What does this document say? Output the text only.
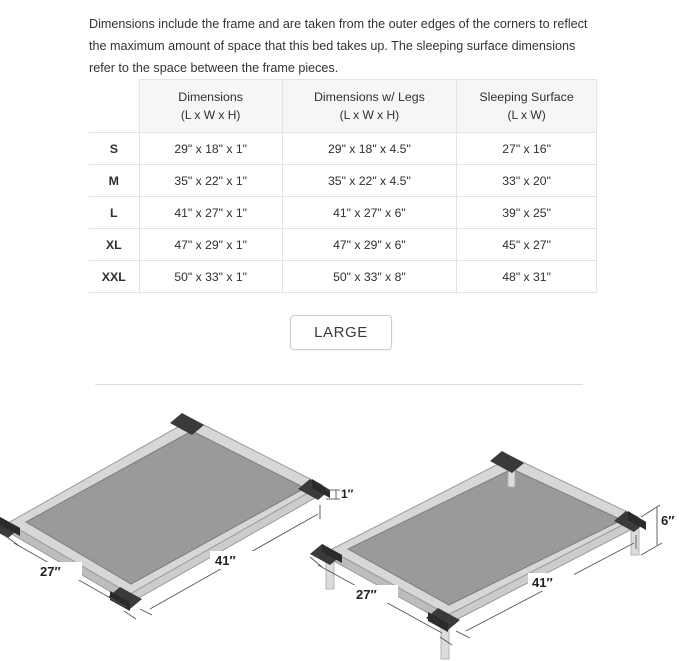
Dimensions include the frame and are taken from the outer edges of the corners to reflect the maximum amount of space that this bed takes up. The sleeping surface dimensions refer to the space between the frame pieces.

	Dimensions
(L x W x H)	Dimensions w/ Legs
(L x W x H)	Sleeping Surface
(L x W)

S	29" x 18" x 1"	29" x 18" x 4.5"	27" x 16"
M	35" x 22" x 1"	35" x 22" x 4.5"	33" x 20"
L	41" x 27" x 1"	41" x 27" x 6"	39" x 25"
XL	47" x 29" x 1"	47" x 29" x 6"	45" x 27"
XXL	50" x 33" x 1"	50" x 33" x 8"	48" x 31"
LARGE
41″
27″
1″
41″
27″
6″
